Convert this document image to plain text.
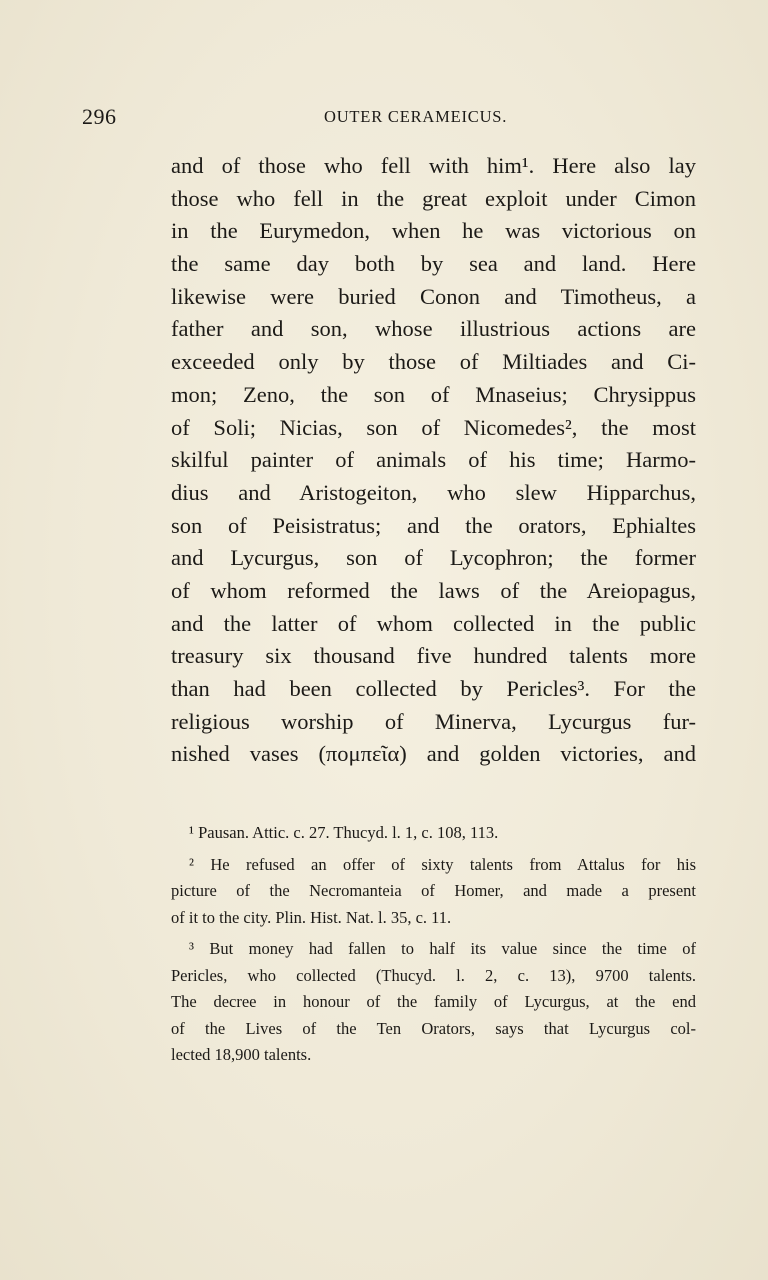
296	OUTER CERAMEICUS.
and of those who fell with him¹. Here also lay
those who fell in the great exploit under Cimon
in the Eurymedon, when he was victorious on
the same day both by sea and land. Here
likewise were buried Conon and Timotheus, a
father and son, whose illustrious actions are
exceeded only by those of Miltiades and Ci-
mon; Zeno, the son of Mnaseius; Chrysippus
of Soli; Nicias, son of Nicomedes², the most
skilful painter of animals of his time; Harmo-
dius and Aristogeiton, who slew Hipparchus,
son of Peisistratus; and the orators, Ephialtes
and Lycurgus, son of Lycophron; the former
of whom reformed the laws of the Areiopagus,
and the latter of whom collected in the public
treasury six thousand five hundred talents more
than had been collected by Pericles³. For the
religious worship of Minerva, Lycurgus fur-
nished vases (πομπεῖα) and golden victories, and
¹ Pausan. Attic. c. 27. Thucyd. l. 1, c. 108, 113.
² He refused an offer of sixty talents from Attalus for his
picture of the Necromanteia of Homer, and made a present
of it to the city. Plin. Hist. Nat. l. 35, c. 11.
³ But money had fallen to half its value since the time of
Pericles, who collected (Thucyd. l. 2, c. 13), 9700 talents.
The decree in honour of the family of Lycurgus, at the end
of the Lives of the Ten Orators, says that Lycurgus col-
lected 18,900 talents.
